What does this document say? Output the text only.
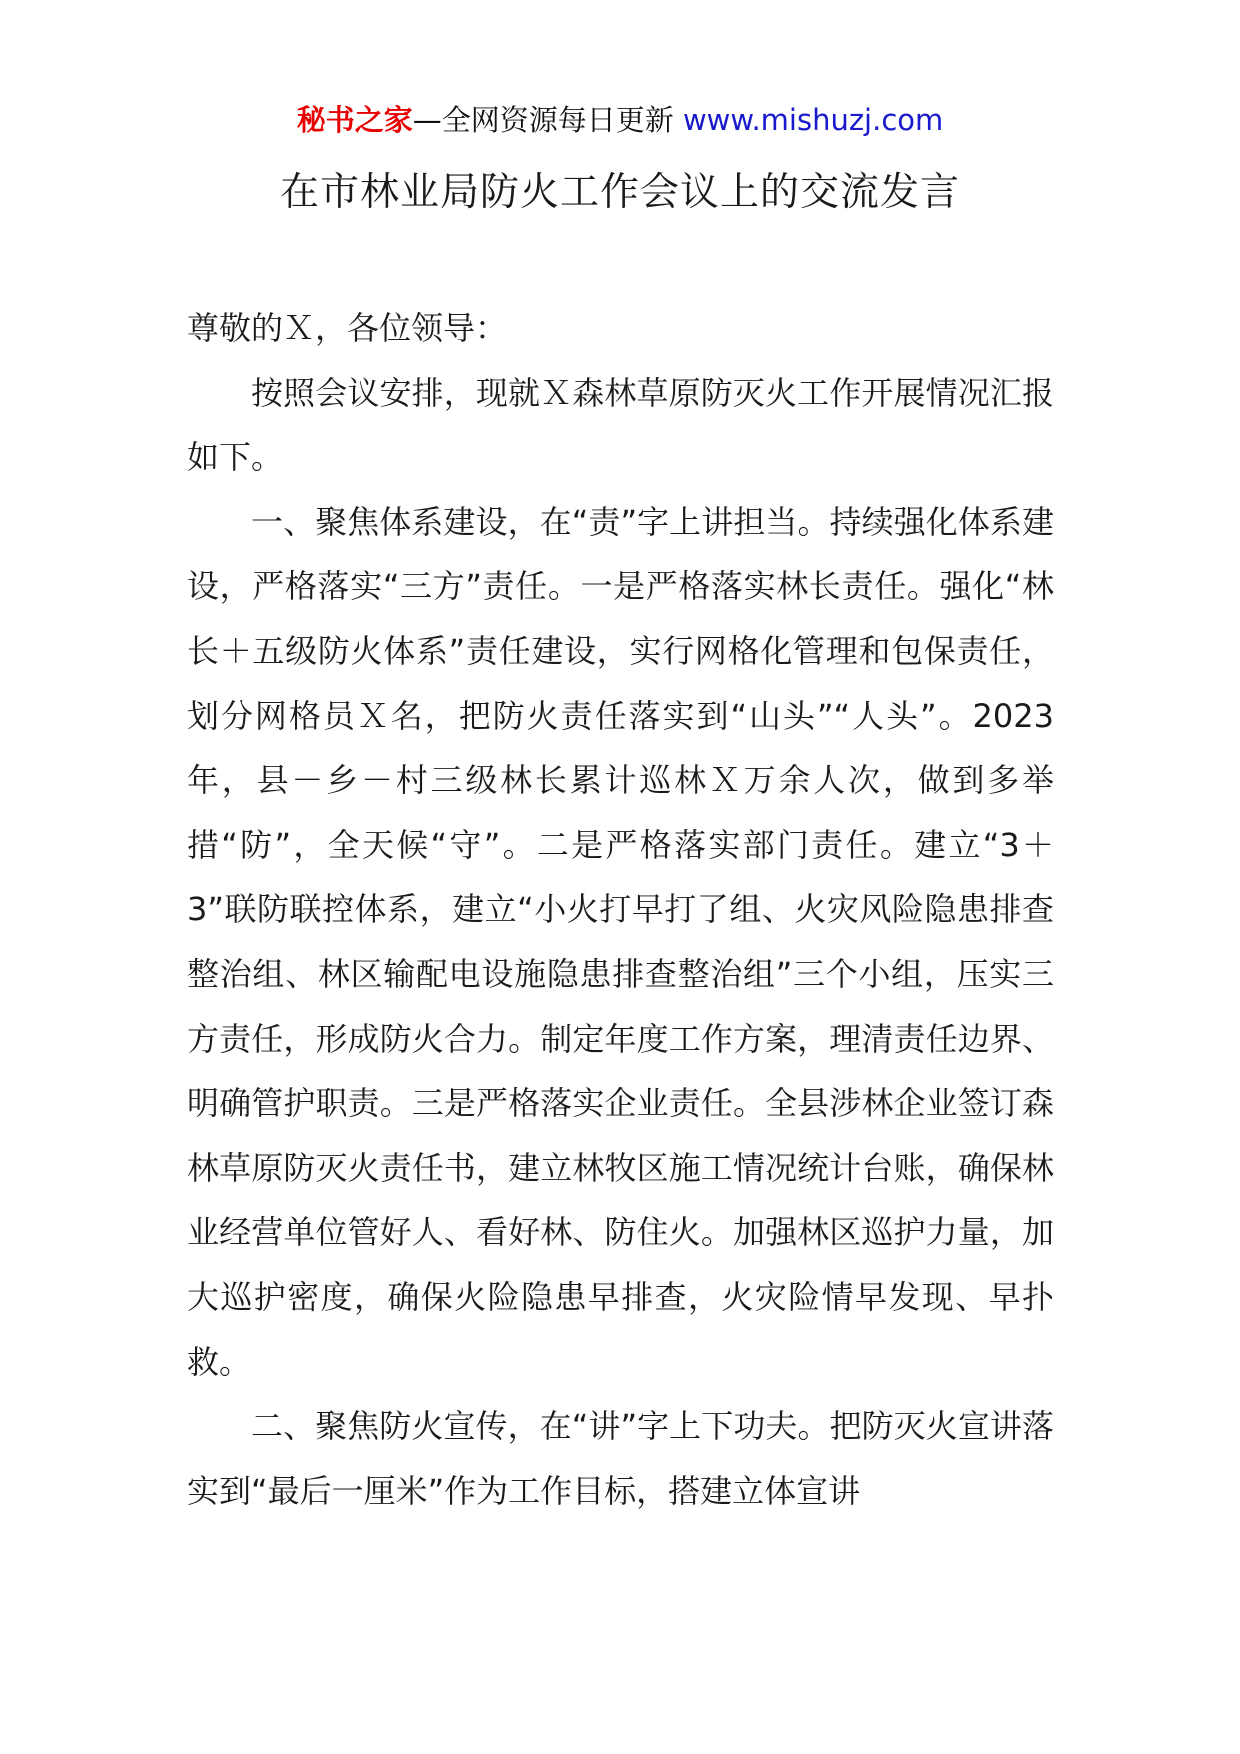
秘书之家—全网资源每日更新 www.mishuzj.com
在市林业局防火工作会议上的交流发言

尊敬的Ｘ，各位领导：

按照会议安排，现就Ｘ森林草原防灭火工作开展情况汇报如下。

一、聚焦体系建设，在“责”字上讲担当。持续强化体系建设，严格落实“三方”责任。一是严格落实林长责任。强化“林长＋五级防火体系”责任建设，实行网格化管理和包保责任，划分网格员Ｘ名，把防火责任落实到“山头”“人头”。2023年，县－乡－村三级林长累计巡林Ｘ万余人次，做到多举措“防”，全天候“守”。二是严格落实部门责任。建立“3＋3”联防联控体系，建立“小火打早打了组、火灾风险隐患排查整治组、林区输配电设施隐患排查整治组”三个小组，压实三方责任，形成防火合力。制定年度工作方案，理清责任边界、明确管护职责。三是严格落实企业责任。全县涉林企业签订森林草原防灭火责任书，建立林牧区施工情况统计台账，确保林业经营单位管好人、看好林、防住火。加强林区巡护力量，加大巡护密度，确保火险隐患早排查，火灾险情早发现、早扑救。

二、聚焦防火宣传，在“讲”字上下功夫。把防灭火宣讲落实到“最后一厘米”作为工作目标，搭建立体宣讲
